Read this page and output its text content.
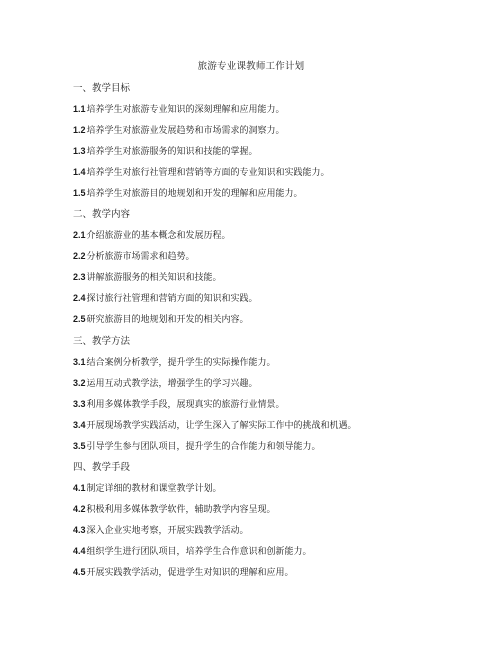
旅游专业课教师工作计划

一、教学目标

1.1培养学生对旅游专业知识的深刻理解和应用能力。

1.2培养学生对旅游业发展趋势和市场需求的洞察力。

1.3培养学生对旅游服务的知识和技能的掌握。

1.4培养学生对旅行社管理和营销等方面的专业知识和实践能力。

1.5培养学生对旅游目的地规划和开发的理解和应用能力。

二、教学内容

2.1介绍旅游业的基本概念和发展历程。

2.2分析旅游市场需求和趋势。

2.3讲解旅游服务的相关知识和技能。

2.4探讨旅行社管理和营销方面的知识和实践。

2.5研究旅游目的地规划和开发的相关内容。

三、教学方法

3.1结合案例分析教学，提升学生的实际操作能力。

3.2运用互动式教学法，增强学生的学习兴趣。

3.3利用多媒体教学手段，展现真实的旅游行业情景。

3.4开展现场教学实践活动，让学生深入了解实际工作中的挑战和机遇。

3.5引导学生参与团队项目，提升学生的合作能力和领导能力。

四、教学手段

4.1制定详细的教材和课堂教学计划。

4.2积极利用多媒体教学软件，辅助教学内容呈现。

4.3深入企业实地考察，开展实践教学活动。

4.4组织学生进行团队项目，培养学生合作意识和创新能力。

4.5开展实践教学活动，促进学生对知识的理解和应用。
